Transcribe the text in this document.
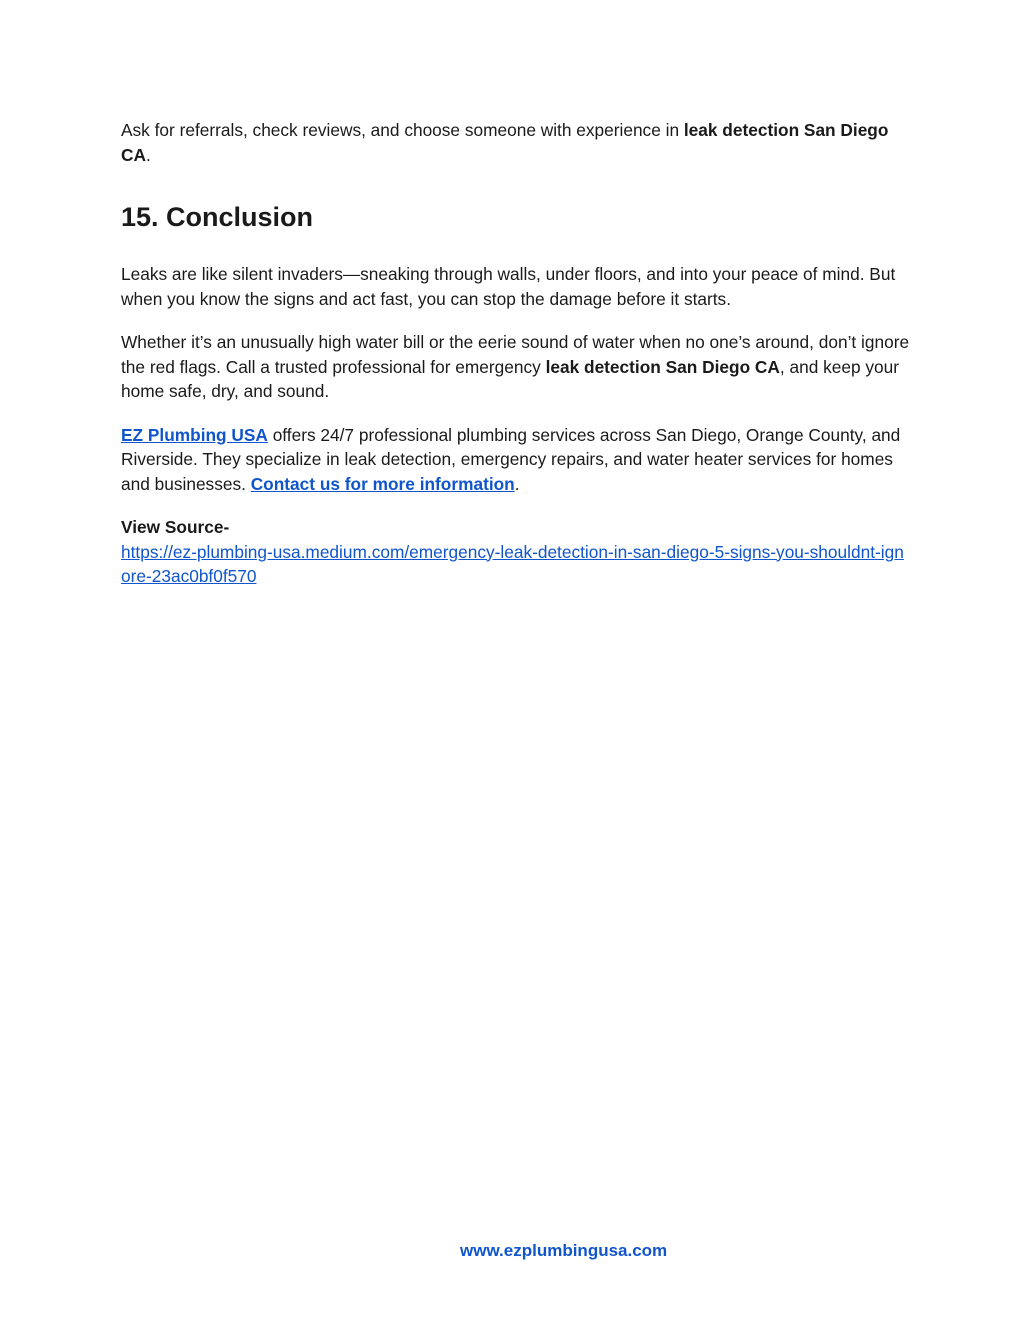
Ask for referrals, check reviews, and choose someone with experience in leak detection San Diego CA.

15. Conclusion

Leaks are like silent invaders—sneaking through walls, under floors, and into your peace of mind. But when you know the signs and act fast, you can stop the damage before it starts.

Whether it’s an unusually high water bill or the eerie sound of water when no one’s around, don’t ignore the red flags. Call a trusted professional for emergency leak detection San Diego CA, and keep your home safe, dry, and sound.

EZ Plumbing USA offers 24/7 professional plumbing services across San Diego, Orange County, and Riverside. They specialize in leak detection, emergency repairs, and water heater services for homes and businesses. Contact us for more information.

View Source-
https://ez-plumbing-usa.medium.com/emergency-leak-detection-in-san-diego-5-signs-you-shouldnt-ignore-23ac0bf0f570

www.ezplumbingusa.com
